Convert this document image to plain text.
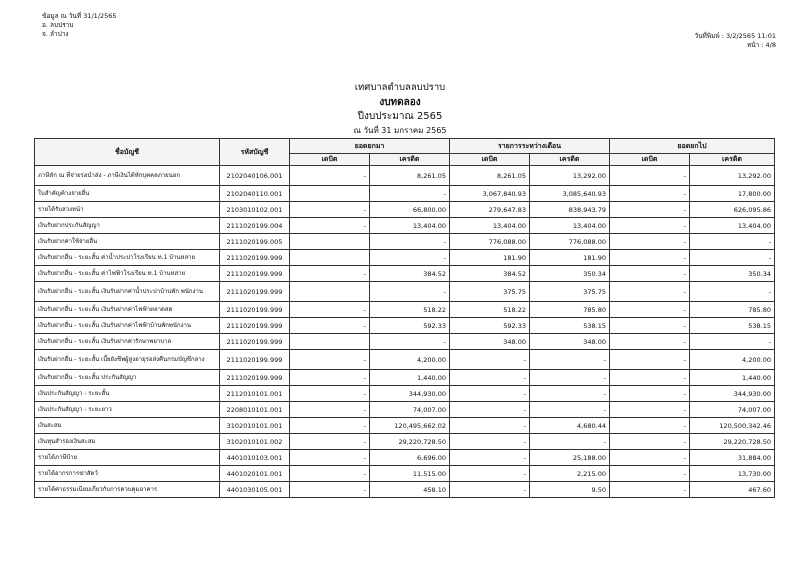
ข้อมูล ณ วันที่ 31/1/2565
อ. ลบปราบ
จ. ลำปาง	วันที่พิมพ์ : 3/2/2565 11:01
หน้า : 4/8
เทศบาลตำบลลบปราบ
งบทดลอง
ปีงบประมาณ 2565
ณ วันที่ 31 มกราคม 2565
ชื่อบัญชี	รหัสบัญชี	ยอดยกมา		รายการระหว่างเดือน		ยอดยกไป	
		เดบิต	เครดิต	เดบิต	เครดิต	เดบิต	เครดิต
ภาษีหัก ณ ที่จ่ายรอนำส่ง - ภาษีเงินได้หักบุคคลภายนอก	2102040106.001	-	8,261.05	8,261.05	13,292.00	-	13,292.00
ใบสำคัญค้างจ่ายอื่น	2102040110.001		-	3,067,840.93	3,085,640.93	-	17,800.00
รายได้รับล่วงหน้า	2103010102.001	-	66,800.00	279,647.83	838,943.79	-	626,095.86
เงินรับฝากประกันสัญญา	2111020199.004	-	13,404.00	13,404.00	13,404.00	-	13,404.00
เงินรับฝากค่าใช้จ่ายอื่น	2111020199.005		-	776,088.00	776,088.00	-	-
เงินรับฝากอื่น - ระยะสั้น ค่าน้ำประปาโรงเรียน ท.1 บ้านหล่าย	2111020199.999		-	181.90	181.90	-	-
เงินรับฝากอื่น - ระยะสั้น ค่าไฟฟ้าโรงเรียน ท.1 บ้านหล่าย	2111020199.999	-	384.52	384.52	350.34	-	350.34
เงินรับฝากอื่น - ระยะสั้น เงินรับฝากค่าน้ำประปาบ้านพัก พนักงาน	2111020199.999		-	375.75	375.75	-	-
เงินรับฝากอื่น - ระยะสั้น เงินรับฝากค่าไฟฟ้าตลาดสด	2111020199.999	-	518.22	518.22	785.80	-	785.80
เงินรับฝากอื่น - ระยะสั้น เงินรับฝากค่าไฟฟ้าบ้านพักพนักงาน	2111020199.999	-	592.33	592.33	538.15	-	538.15
เงินรับฝากอื่น - ระยะสั้น เงินรับฝากค่ารักษาพยาบาล	2111020199.999		-	348.00	348.00	-	-
เงินรับฝากอื่น - ระยะสั้น เบี้ยยังชีพผู้สูงอายุรอส่งคืนกรมบัญชีกลาง	2111020199.999	-	4,200.00	-	-	-	4,200.00
เงินรับฝากอื่น - ระยะสั้น ประกันสัญญา	2111020199.999	-	1,440.00	-	-	-	1,440.00
เงินประกันสัญญา - ระยะสั้น	2112010101.001	-	344,930.00	-	-	-	344,930.00
เงินประกันสัญญา - ระยะยาว	2208010101.001	-	74,007.00	-	-	-	74,007.00
เงินสะสม	3102010101.001	-	120,495,662.02	-	4,680.44	-	120,500,342.46
เงินทุนสำรองเงินสะสม	3102010101.002	-	29,220,728.50	-	-	-	29,220,728.50
รายได้ภาษีป้าย	4401010103.001	-	6,696.00	-	25,188.00	-	31,884.00
รายได้อากรการฆ่าสัตว์	4401020101.001	-	11,515.00	-	2,215.00	-	13,730.00
รายได้ค่าธรรมเนียมเกี่ยวกับการควบคุมอาคาร	4401030105.001	-	458.10	-	9.50	-	467.60
